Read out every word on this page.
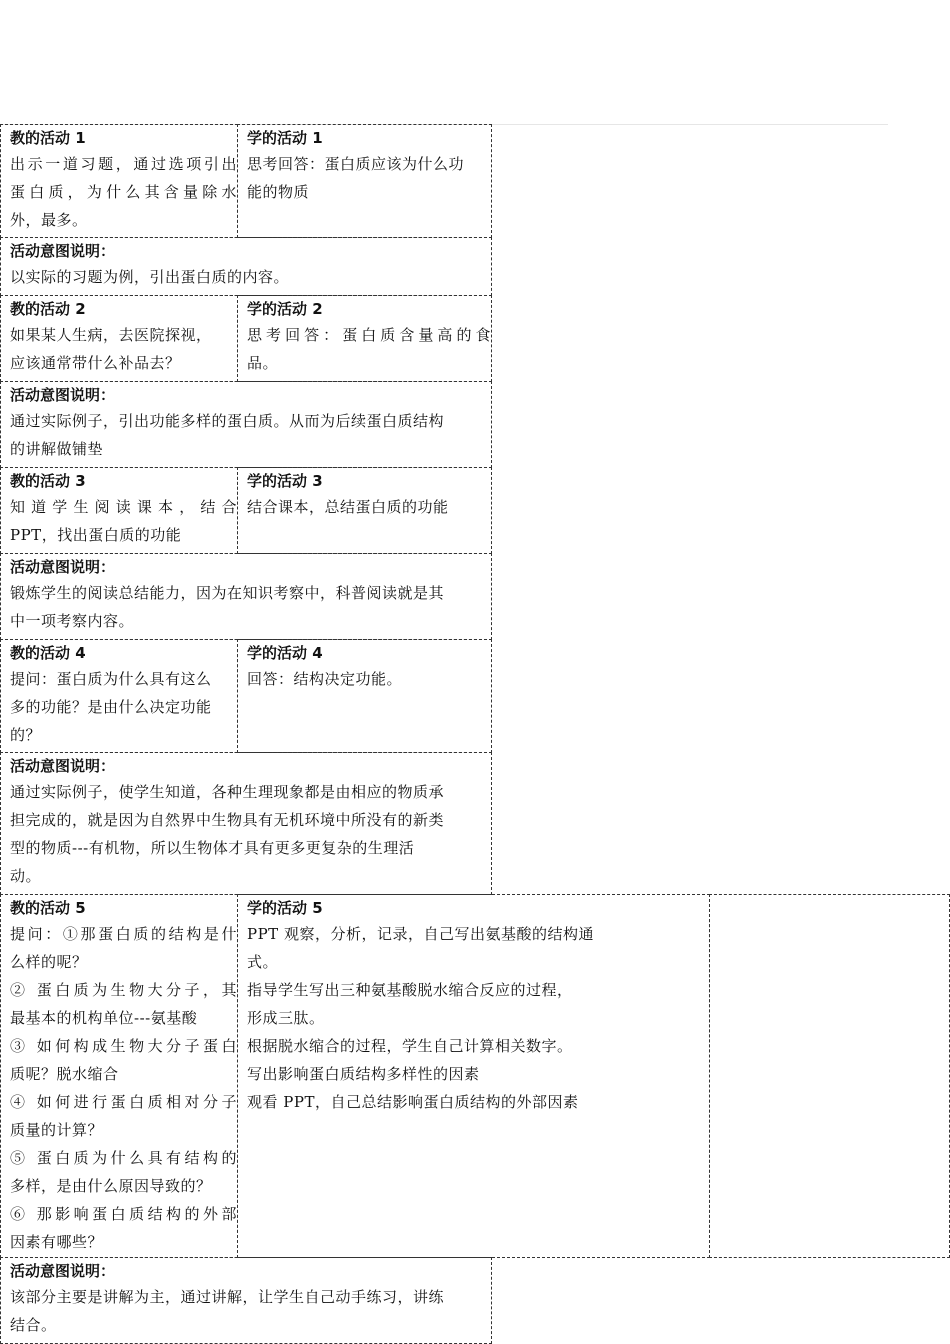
教的活动 1
出示一道习题，通过选项引出
蛋白质，为什么其含量除水
外，最多。
学的活动 1
思考回答：蛋白质应该为什么功
能的物质
活动意图说明：
以实际的习题为例，引出蛋白质的内容。
教的活动 2
如果某人生病，去医院探视，
应该通常带什么补品去？
学的活动 2
思考回答：蛋白质含量高的食
品。
活动意图说明：
通过实际例子，引出功能多样的蛋白质。从而为后续蛋白质结构
的讲解做铺垫
教的活动 3
知道学生阅读课本，结合
PPT，找出蛋白质的功能
学的活动 3
结合课本，总结蛋白质的功能
活动意图说明：
锻炼学生的阅读总结能力，因为在知识考察中，科普阅读就是其
中一项考察内容。
教的活动 4
提问：蛋白质为什么具有这么
多的功能？是由什么决定功能
的？
学的活动 4
回答：结构决定功能。
活动意图说明：
通过实际例子，使学生知道，各种生理现象都是由相应的物质承
担完成的，就是因为自然界中生物具有无机环境中所没有的新类
型的物质---有机物，所以生物体才具有更多更复杂的生理活
动。
教的活动 5
提问：①那蛋白质的结构是什
么样的呢？
② 蛋白质为生物大分子，其
最基本的机构单位---氨基酸
③ 如何构成生物大分子蛋白
质呢？脱水缩合
④ 如何进行蛋白质相对分子
质量的计算？
⑤ 蛋白质为什么具有结构的
多样，是由什么原因导致的？
⑥ 那影响蛋白质结构的外部
因素有哪些？
学的活动 5
PPT 观察，分析，记录，自己写出氨基酸的结构通
式。
指导学生写出三种氨基酸脱水缩合反应的过程，
形成三肽。
根据脱水缩合的过程，学生自己计算相关数字。
写出影响蛋白质结构多样性的因素
观看 PPT，自己总结影响蛋白质结构的外部因素
活动意图说明：
该部分主要是讲解为主，通过讲解，让学生自己动手练习，讲练
结合。
